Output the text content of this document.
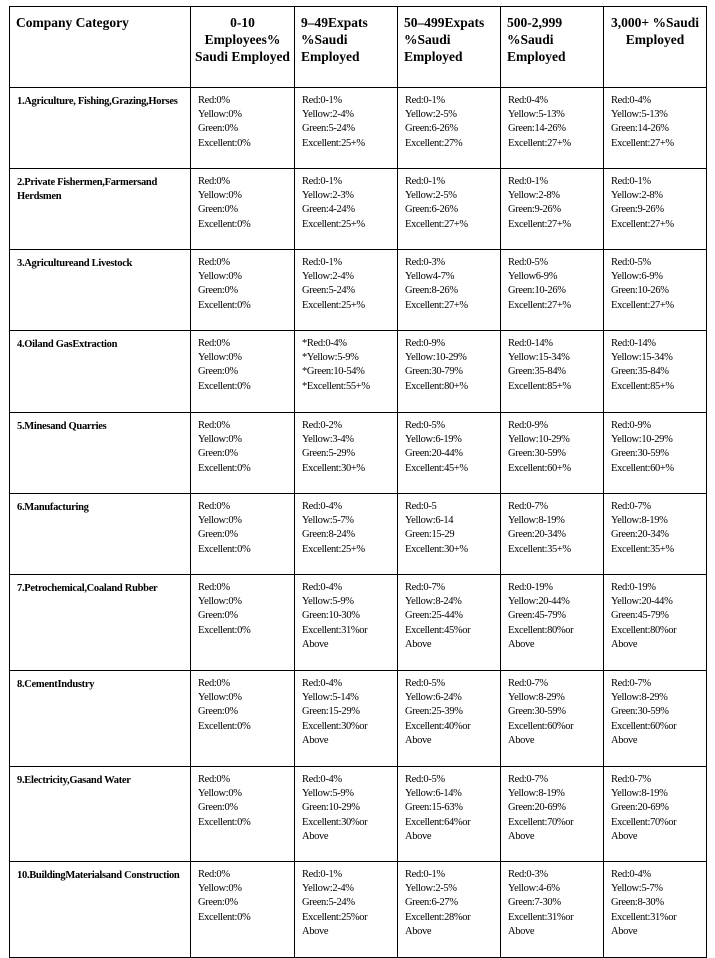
Company Category	0-10 Employees% Saudi Employed	9–49Expats %Saudi Employed	50–499Expats %Saudi Employed	500-2,999 %Saudi Employed	3,000+ %Saudi Employed
1.Agriculture, Fishing,Grazing,Horses	Red:0%
Yellow:0%
Green:0%
Excellent:0%	Red:0-1%
Yellow:2-4%
Green:5-24%
Excellent:25+%	Red:0-1%
Yellow:2-5%
Green:6-26%
Excellent:27%	Red:0-4%
Yellow:5-13%
Green:14-26%
Excellent:27+%	Red:0-4%
Yellow:5-13%
Green:14-26%
Excellent:27+%

2.Private Fishermen,Farmersand Herdsmen	Red:0%
Yellow:0%
Green:0%
Excellent:0%	Red:0-1%
Yellow:2-3%
Green:4-24%
Excellent:25+%	Red:0-1%
Yellow:2-5%
Green:6-26%
Excellent:27+%	Red:0-1%
Yellow:2-8%
Green:9-26%
Excellent:27+%	Red:0-1%
Yellow:2-8%
Green:9-26%
Excellent:27+%

3.Agricultureand Livestock	Red:0%
Yellow:0%
Green:0%
Excellent:0%	Red:0-1%
Yellow:2-4%
Green:5-24%
Excellent:25+%	Red:0-3%
Yellow4-7%
Green:8-26%
Excellent:27+%	Red:0-5%
Yellow6-9%
Green:10-26%
Excellent:27+%	Red:0-5%
Yellow:6-9%
Green:10-26%
Excellent:27+%

4.Oiland GasExtraction	Red:0%
Yellow:0%
Green:0%
Excellent:0%	*Red:0-4%
*Yellow:5-9%
*Green:10-54%
*Excellent:55+%	Red:0-9%
Yellow:10-29%
Green:30-79%
Excellent:80+%	Red:0-14%
Yellow:15-34%
Green:35-84%
Excellent:85+%	Red:0-14%
Yellow:15-34%
Green:35-84%
Excellent:85+%

5.Minesand Quarries	Red:0%
Yellow:0%
Green:0%
Excellent:0%	Red:0-2%
Yellow:3-4%
Green:5-29%
Excellent:30+%	Red:0-5%
Yellow:6-19%
Green:20-44%
Excellent:45+%	Red:0-9%
Yellow:10-29%
Green:30-59%
Excellent:60+%	Red:0-9%
Yellow:10-29%
Green:30-59%
Excellent:60+%

6.Manufacturing	Red:0%
Yellow:0%
Green:0%
Excellent:0%	Red:0-4%
Yellow:5-7%
Green:8-24%
Excellent:25+%	Red:0-5
Yellow:6-14
Green:15-29
Excellent:30+%	Red:0-7%
Yellow:8-19%
Green:20-34%
Excellent:35+%	Red:0-7%
Yellow:8-19%
Green:20-34%
Excellent:35+%

7.Petrochemical,Coaland Rubber	Red:0%
Yellow:0%
Green:0%
Excellent:0%	Red:0-4%
Yellow:5-9%
Green:10-30%
Excellent:31%or
Above	Red:0-7%
Yellow:8-24%
Green:25-44%
Excellent:45%or
Above	Red:0-19%
Yellow:20-44%
Green:45-79%
Excellent:80%or
Above	Red:0-19%
Yellow:20-44%
Green:45-79%
Excellent:80%or
Above

8.CementIndustry	Red:0%
Yellow:0%
Green:0%
Excellent:0%	Red:0-4%
Yellow:5-14%
Green:15-29%
Excellent:30%or
Above	Red:0-5%
Yellow:6-24%
Green:25-39%
Excellent:40%or
Above	Red:0-7%
Yellow:8-29%
Green:30-59%
Excellent:60%or
Above	Red:0-7%
Yellow:8-29%
Green:30-59%
Excellent:60%or
Above

9.Electricity,Gasand Water	Red:0%
Yellow:0%
Green:0%
Excellent:0%	Red:0-4%
Yellow:5-9%
Green:10-29%
Excellent:30%or
Above	Red:0-5%
Yellow:6-14%
Green:15-63%
Excellent:64%or
Above	Red:0-7%
Yellow:8-19%
Green:20-69%
Excellent:70%or
Above	Red:0-7%
Yellow:8-19%
Green:20-69%
Excellent:70%or
Above

10.BuildingMaterialsand Construction	Red:0%
Yellow:0%
Green:0%
Excellent:0%	Red:0-1%
Yellow:2-4%
Green:5-24%
Excellent:25%or
Above	Red:0-1%
Yellow:2-5%
Green:6-27%
Excellent:28%or
Above	Red:0-3%
Yellow:4-6%
Green:7-30%
Excellent:31%or
Above	Red:0-4%
Yellow:5-7%
Green:8-30%
Excellent:31%or
Above
